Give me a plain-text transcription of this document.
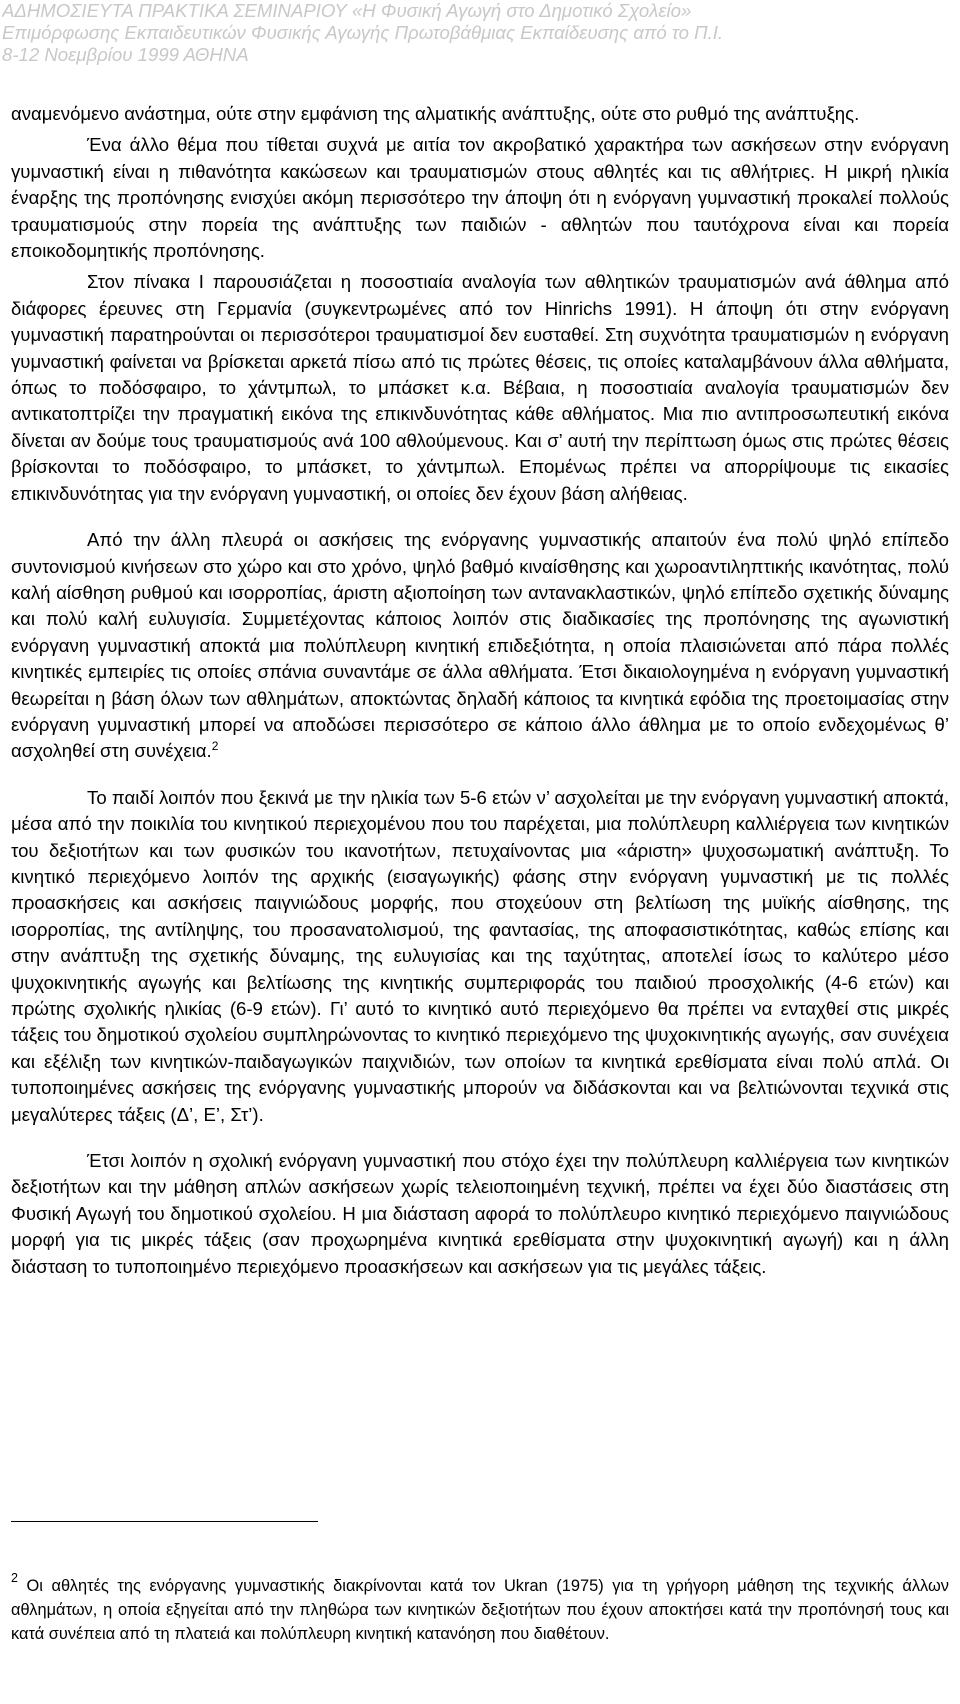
ΑΔΗΜΟΣΙΕΥΤΑ ΠΡΑΚΤΙΚΑ ΣΕΜΙΝΑΡΙΟΥ «Η Φυσική Αγωγή στο Δημοτικό Σχολείο»
Επιμόρφωσης Εκπαιδευτικών Φυσικής Αγωγής Πρωτοβάθμιας Εκπαίδευσης από το Π.Ι.
8-12 Νοεμβρίου 1999 ΑΘΗΝΑ

αναμενόμενο ανάστημα, ούτε στην εμφάνιση της αλματικής ανάπτυξης, ούτε στο ρυθμό της ανάπτυξης.

Ένα άλλο θέμα που τίθεται συχνά με αιτία τον ακροβατικό χαρακτήρα των ασκήσεων στην ενόργανη γυμναστική είναι η πιθανότητα κακώσεων και τραυματισμών στους αθλητές και τις αθλήτριες. Η μικρή ηλικία έναρξης της προπόνησης ενισχύει ακόμη περισσότερο την άποψη ότι η ενόργανη γυμναστική προκαλεί πολλούς τραυματισμούς στην πορεία της ανάπτυξης των παιδιών - αθλητών που ταυτόχρονα είναι και πορεία εποικοδομητικής προπόνησης.

Στον πίνακα Ι παρουσιάζεται η ποσοστιαία αναλογία των αθλητικών τραυματισμών ανά άθλημα από διάφορες έρευνες στη Γερμανία (συγκεντρωμένες από τον Hinrichs 1991). Η άποψη ότι στην ενόργανη γυμναστική παρατηρούνται οι περισσότεροι τραυματισμοί δεν ευσταθεί. Στη συχνότητα τραυματισμών η ενόργανη γυμναστική φαίνεται να βρίσκεται αρκετά πίσω από τις πρώτες θέσεις, τις οποίες καταλαμβάνουν άλλα αθλήματα, όπως το ποδόσφαιρο, το χάντμπωλ, το μπάσκετ κ.α. Βέβαια, η ποσοστιαία αναλογία τραυματισμών δεν αντικατοπτρίζει την πραγματική εικόνα της επικινδυνότητας κάθε αθλήματος. Μια πιο αντιπροσωπευτική εικόνα δίνεται αν δούμε τους τραυματισμούς ανά 100 αθλούμενους. Και σ’ αυτή την περίπτωση όμως στις πρώτες θέσεις βρίσκονται το ποδόσφαιρο, το μπάσκετ, το χάντμπωλ. Επομένως πρέπει να απορρίψουμε τις εικασίες επικινδυνότητας για την ενόργανη γυμναστική, οι οποίες δεν έχουν βάση αλήθειας.

Από την άλλη πλευρά οι ασκήσεις της ενόργανης γυμναστικής απαιτούν ένα πολύ ψηλό επίπεδο συντονισμού κινήσεων στο χώρο και στο χρόνο, ψηλό βαθμό κιναίσθησης και χωροαντιληπτικής ικανότητας, πολύ καλή αίσθηση ρυθμού και ισορροπίας, άριστη αξιοποίηση των αντανακλαστικών, ψηλό επίπεδο σχετικής δύναμης και πολύ καλή ευλυγισία. Συμμετέχοντας κάποιος λοιπόν στις διαδικασίες της προπόνησης της αγωνιστική ενόργανη γυμναστική αποκτά μια πολύπλευρη κινητική επιδεξιότητα, η οποία πλαισιώνεται από πάρα πολλές κινητικές εμπειρίες τις οποίες σπάνια συναντάμε σε άλλα αθλήματα. Έτσι δικαιολογημένα η ενόργανη γυμναστική θεωρείται η βάση όλων των αθλημάτων, αποκτώντας δηλαδή κάποιος τα κινητικά εφόδια της προετοιμασίας στην ενόργανη γυμναστική μπορεί να αποδώσει περισσότερο σε κάποιο άλλο άθλημα με το οποίο ενδεχομένως θ’ ασχοληθεί στη συνέχεια.$^2$

Το παιδί λοιπόν που ξεκινά με την ηλικία των 5-6 ετών ν’ ασχολείται με την ενόργανη γυμναστική αποκτά, μέσα από την ποικιλία του κινητικού περιεχομένου που του παρέχεται, μια πολύπλευρη καλλιέργεια των κινητικών του δεξιοτήτων και των φυσικών του ικανοτήτων, πετυχαίνοντας μια «άριστη» ψυχοσωματική ανάπτυξη. Το κινητικό περιεχόμενο λοιπόν της αρχικής (εισαγωγικής) φάσης στην ενόργανη γυμναστική με τις πολλές προασκήσεις και ασκήσεις παιγνιώδους μορφής, που στοχεύουν στη βελτίωση της μυϊκής αίσθησης, της ισορροπίας, της αντίληψης, του προσανατολισμού, της φαντασίας, της αποφασιστικότητας, καθώς επίσης και στην ανάπτυξη της σχετικής δύναμης, της ευλυγισίας και της ταχύτητας, αποτελεί ίσως το καλύτερο μέσο ψυχοκινητικής αγωγής και βελτίωσης της κινητικής συμπεριφοράς του παιδιού προσχολικής (4-6 ετών) και πρώτης σχολικής ηλικίας (6-9 ετών). Γι’ αυτό το κινητικό αυτό περιεχόμενο θα πρέπει να ενταχθεί στις μικρές τάξεις του δημοτικού σχολείου συμπληρώνοντας το κινητικό περιεχόμενο της ψυχοκινητικής αγωγής, σαν συνέχεια και εξέλιξη των κινητικών-παιδαγωγικών παιχνιδιών, των οποίων τα κινητικά ερεθίσματα είναι πολύ απλά. Οι τυποποιημένες ασκήσεις της ενόργανης γυμναστικής μπορούν να διδάσκονται και να βελτιώνονται τεχνικά στις μεγαλύτερες τάξεις (Δ’, Ε’, Στ’).

Έτσι λοιπόν η σχολική ενόργανη γυμναστική που στόχο έχει την πολύπλευρη καλλιέργεια των κινητικών δεξιοτήτων και την μάθηση απλών ασκήσεων χωρίς τελειοποιημένη τεχνική, πρέπει να έχει δύο διαστάσεις στη Φυσική Αγωγή του δημοτικού σχολείου. Η μια διάσταση αφορά το πολύπλευρο κινητικό περιεχόμενο παιγνιώδους μορφή για τις μικρές τάξεις (σαν προχωρημένα κινητικά ερεθίσματα στην ψυχοκινητική αγωγή) και η άλλη διάσταση το τυποποιημένο περιεχόμενο προασκήσεων και ασκήσεων για τις μεγάλες τάξεις.

$^2$ Οι αθλητές της ενόργανης γυμναστικής διακρίνονται κατά τον Ukran (1975) για τη γρήγορη μάθηση της τεχνικής άλλων αθλημάτων, η οποία εξηγείται από την πληθώρα των κινητικών δεξιοτήτων που έχουν αποκτήσει κατά την προπόνησή τους και κατά συνέπεια από τη πλατειά και πολύπλευρη κινητική κατανόηση που διαθέτουν.
